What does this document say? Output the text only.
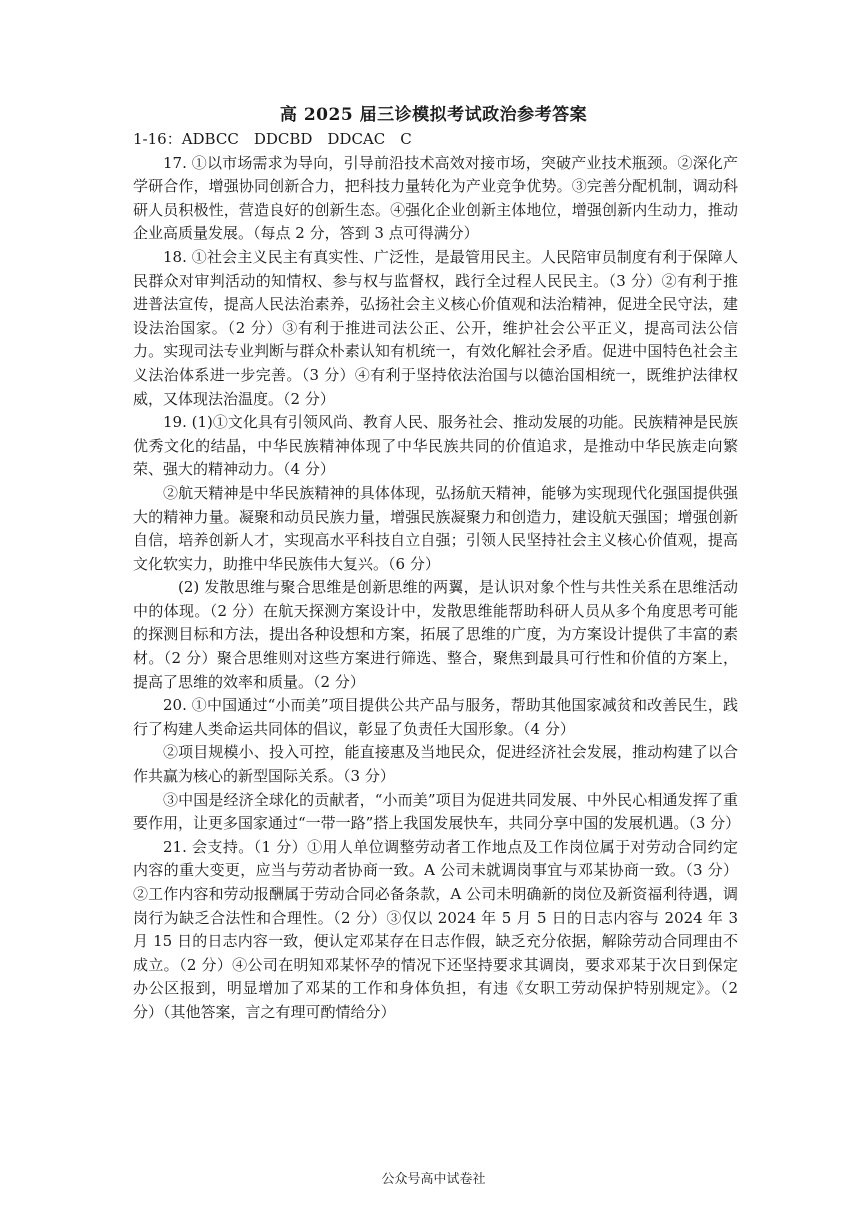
高 2025 届三诊模拟考试政治参考答案

1-16：ADBCC　DDCBD　DDCAC　C

17. ①以市场需求为导向，引导前沿技术高效对接市场，突破产业技术瓶颈。②深化产学研合作，增强协同创新合力，把科技力量转化为产业竞争优势。③完善分配机制，调动科研人员积极性，营造良好的创新生态。④强化企业创新主体地位，增强创新内生动力，推动企业高质量发展。（每点 2 分，答到 3 点可得满分）

18. ①社会主义民主有真实性、广泛性，是最管用民主。人民陪审员制度有利于保障人民群众对审判活动的知情权、参与权与监督权，践行全过程人民民主。（3 分）②有利于推进普法宣传，提高人民法治素养，弘扬社会主义核心价值观和法治精神，促进全民守法，建设法治国家。（2 分）③有利于推进司法公正、公开，维护社会公平正义，提高司法公信力。实现司法专业判断与群众朴素认知有机统一，有效化解社会矛盾。促进中国特色社会主义法治体系进一步完善。（3 分）④有利于坚持依法治国与以德治国相统一，既维护法律权威，又体现法治温度。（2 分）

19. (1)①文化具有引领风尚、教育人民、服务社会、推动发展的功能。民族精神是民族优秀文化的结晶，中华民族精神体现了中华民族共同的价值追求，是推动中华民族走向繁荣、强大的精神动力。（4 分）

②航天精神是中华民族精神的具体体现，弘扬航天精神，能够为实现现代化强国提供强大的精神力量。凝聚和动员民族力量，增强民族凝聚力和创造力，建设航天强国；增强创新自信，培养创新人才，实现高水平科技自立自强；引领人民坚持社会主义核心价值观，提高文化软实力，助推中华民族伟大复兴。（6 分）

(2) 发散思维与聚合思维是创新思维的两翼，是认识对象个性与共性关系在思维活动中的体现。（2 分）在航天探测方案设计中，发散思维能帮助科研人员从多个角度思考可能的探测目标和方法，提出各种设想和方案，拓展了思维的广度，为方案设计提供了丰富的素材。（2 分）聚合思维则对这些方案进行筛选、整合，聚焦到最具可行性和价值的方案上，提高了思维的效率和质量。（2 分）

20. ①中国通过“小而美”项目提供公共产品与服务，帮助其他国家减贫和改善民生，践行了构建人类命运共同体的倡议，彰显了负责任大国形象。（4 分）

②项目规模小、投入可控，能直接惠及当地民众，促进经济社会发展，推动构建了以合作共赢为核心的新型国际关系。（3 分）

③中国是经济全球化的贡献者，“小而美”项目为促进共同发展、中外民心相通发挥了重要作用，让更多国家通过“一带一路”搭上我国发展快车，共同分享中国的发展机遇。（3 分）

21. 会支持。（1 分）①用人单位调整劳动者工作地点及工作岗位属于对劳动合同约定内容的重大变更，应当与劳动者协商一致。A 公司未就调岗事宜与邓某协商一致。（3 分）②工作内容和劳动报酬属于劳动合同必备条款，A 公司未明确新的岗位及新资福利待遇，调岗行为缺乏合法性和合理性。（2 分）③仅以 2024 年 5 月 5 日的日志内容与 2024 年 3 月 15 日的日志内容一致，便认定邓某存在日志作假，缺乏充分依据，解除劳动合同理由不成立。（2 分）④公司在明知邓某怀孕的情况下还坚持要求其调岗，要求邓某于次日到保定办公区报到，明显增加了邓某的工作和身体负担，有违《女职工劳动保护特别规定》。（2 分）（其他答案，言之有理可酌情给分）

公众号高中试卷社
